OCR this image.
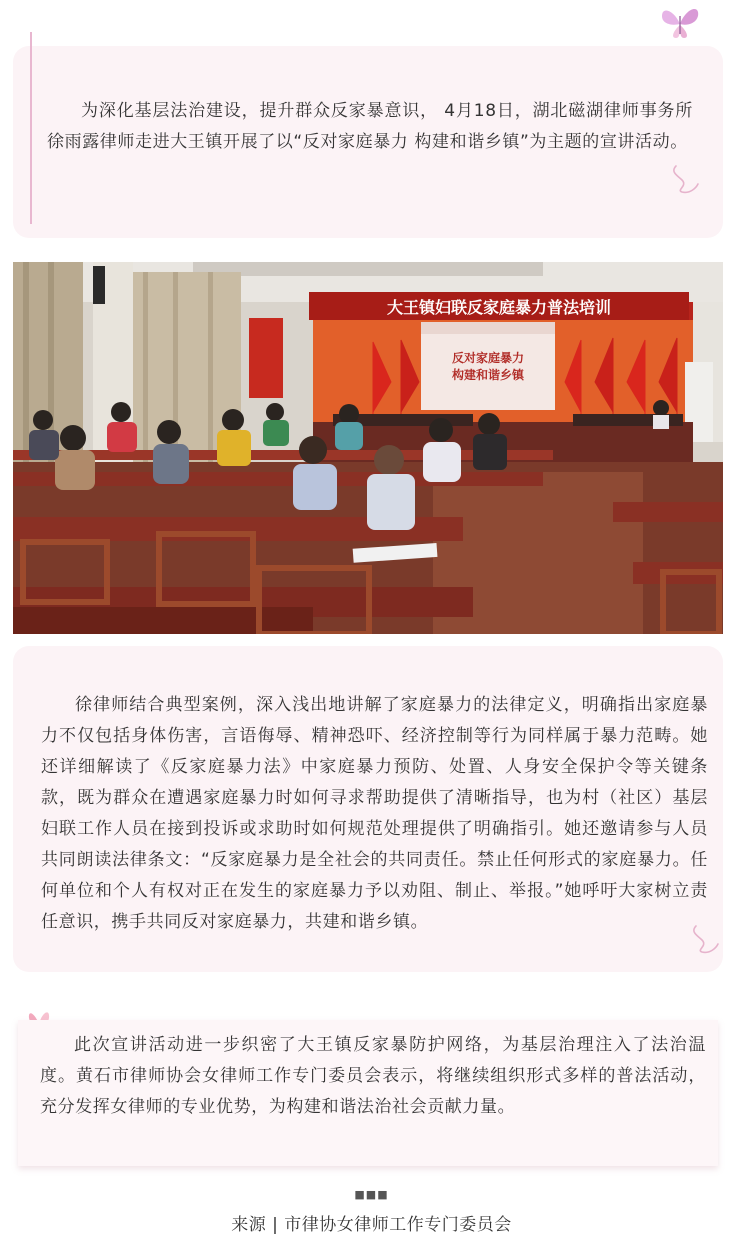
为深化基层法治建设，提升群众反家暴意识， 4月18日，湖北磁湖律师事务所徐雨露律师走进大王镇开展了以“反对家庭暴力 构建和谐乡镇”为主题的宣讲活动。

大王镇妇联反家庭暴力普法培训
反对家庭暴力
构建和谐乡镇

徐律师结合典型案例，深入浅出地讲解了家庭暴力的法律定义，明确指出家庭暴力不仅包括身体伤害，言语侮辱、精神恐吓、经济控制等行为同样属于暴力范畴。她还详细解读了《反家庭暴力法》中家庭暴力预防、处置、人身安全保护令等关键条款，既为群众在遭遇家庭暴力时如何寻求帮助提供了清晰指导，也为村（社区）基层妇联工作人员在接到投诉或求助时如何规范处理提供了明确指引。她还邀请参与人员共同朗读法律条文：“反家庭暴力是全社会的共同责任。禁止任何形式的家庭暴力。任何单位和个人有权对正在发生的家庭暴力予以劝阻、制止、举报。”她呼吁大家树立责任意识，携手共同反对家庭暴力，共建和谐乡镇。

此次宣讲活动进一步织密了大王镇反家暴防护网络，为基层治理注入了法治温度。黄石市律师协会女律师工作专门委员会表示，将继续组织形式多样的普法活动，充分发挥女律师的专业优势，为构建和谐法治社会贡献力量。

■■■
来源 | 市律协女律师工作专门委员会
